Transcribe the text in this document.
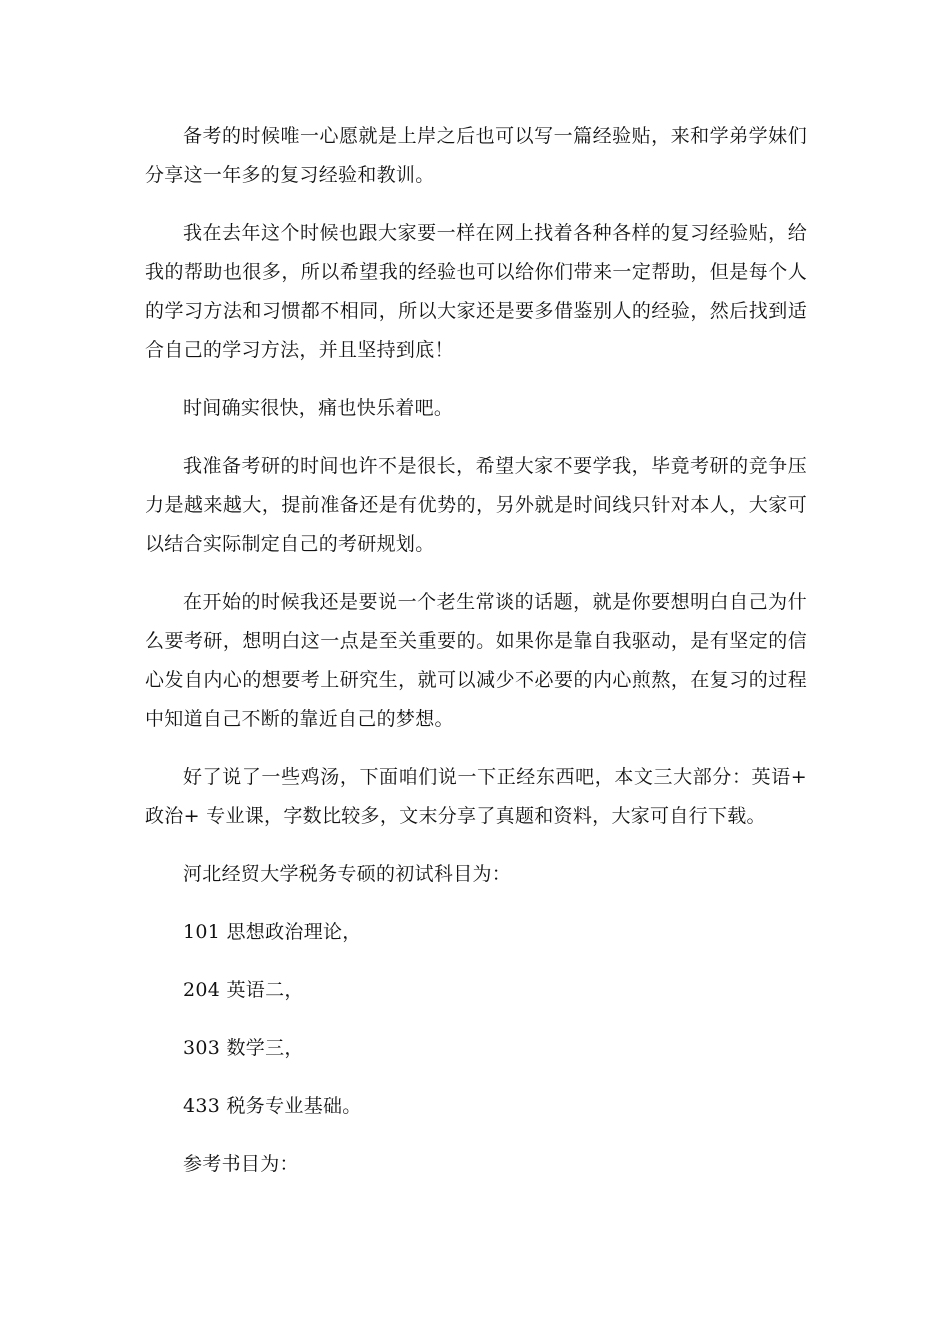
备考的时候唯一心愿就是上岸之后也可以写一篇经验贴，来和学弟学妹们分享这一年多的复习经验和教训。

我在去年这个时候也跟大家要一样在网上找着各种各样的复习经验贴，给我的帮助也很多，所以希望我的经验也可以给你们带来一定帮助，但是每个人的学习方法和习惯都不相同，所以大家还是要多借鉴别人的经验，然后找到适合自己的学习方法，并且坚持到底！

时间确实很快，痛也快乐着吧。

我准备考研的时间也许不是很长，希望大家不要学我，毕竟考研的竞争压力是越来越大，提前准备还是有优势的，另外就是时间线只针对本人，大家可以结合实际制定自己的考研规划。

在开始的时候我还是要说一个老生常谈的话题，就是你要想明白自己为什么要考研，想明白这一点是至关重要的。如果你是靠自我驱动，是有坚定的信心发自内心的想要考上研究生，就可以减少不必要的内心煎熬，在复习的过程中知道自己不断的靠近自己的梦想。

好了说了一些鸡汤，下面咱们说一下正经东西吧，本文三大部分：英语+ 政治+ 专业课，字数比较多，文末分享了真题和资料，大家可自行下载。

河北经贸大学税务专硕的初试科目为：

101 思想政治理论，

204 英语二，

303 数学三，

433 税务专业基础。

参考书目为：
